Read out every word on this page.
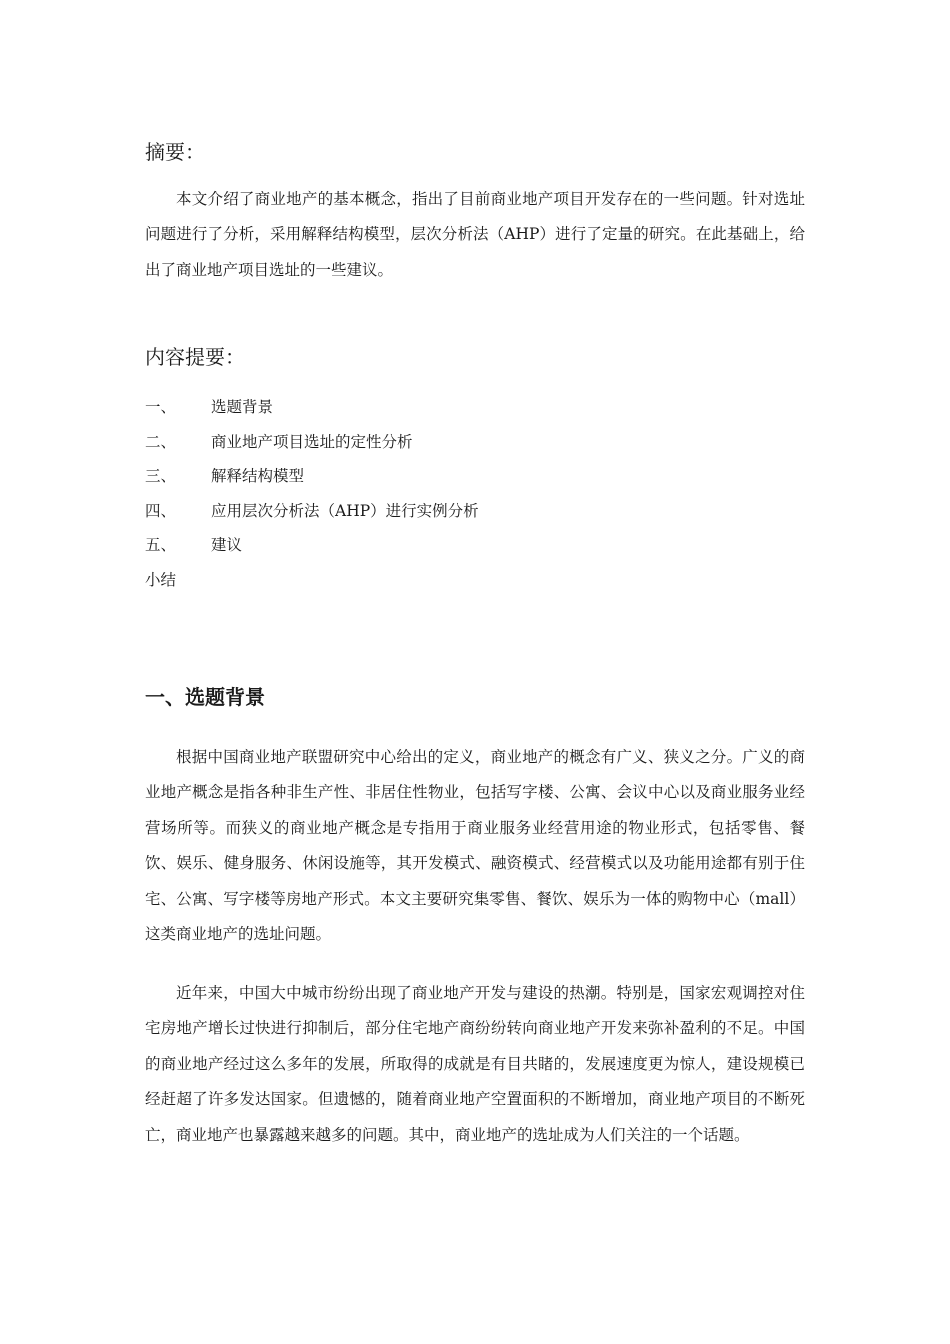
摘要：

本文介绍了商业地产的基本概念，指出了目前商业地产项目开发存在的一些问题。针对选址问题进行了分析，采用解释结构模型，层次分析法（AHP）进行了定量的研究。在此基础上，给出了商业地产项目选址的一些建议。

内容提要：
一、 选题背景
二、 商业地产项目选址的定性分析
三、 解释结构模型
四、 应用层次分析法（AHP）进行实例分析
五、 建议
小结
一、选题背景

根据中国商业地产联盟研究中心给出的定义，商业地产的概念有广义、狭义之分。广义的商业地产概念是指各种非生产性、非居住性物业，包括写字楼、公寓、会议中心以及商业服务业经营场所等。而狭义的商业地产概念是专指用于商业服务业经营用途的物业形式，包括零售、餐饮、娱乐、健身服务、休闲设施等，其开发模式、融资模式、经营模式以及功能用途都有别于住宅、公寓、写字楼等房地产形式。本文主要研究集零售、餐饮、娱乐为一体的购物中心（mall）这类商业地产的选址问题。

近年来，中国大中城市纷纷出现了商业地产开发与建设的热潮。特别是，国家宏观调控对住宅房地产增长过快进行抑制后，部分住宅地产商纷纷转向商业地产开发来弥补盈利的不足。中国的商业地产经过这么多年的发展，所取得的成就是有目共睹的，发展速度更为惊人，建设规模已经赶超了许多发达国家。但遗憾的，随着商业地产空置面积的不断增加，商业地产项目的不断死亡，商业地产也暴露越来越多的问题。其中，商业地产的选址成为人们关注的一个话题。
